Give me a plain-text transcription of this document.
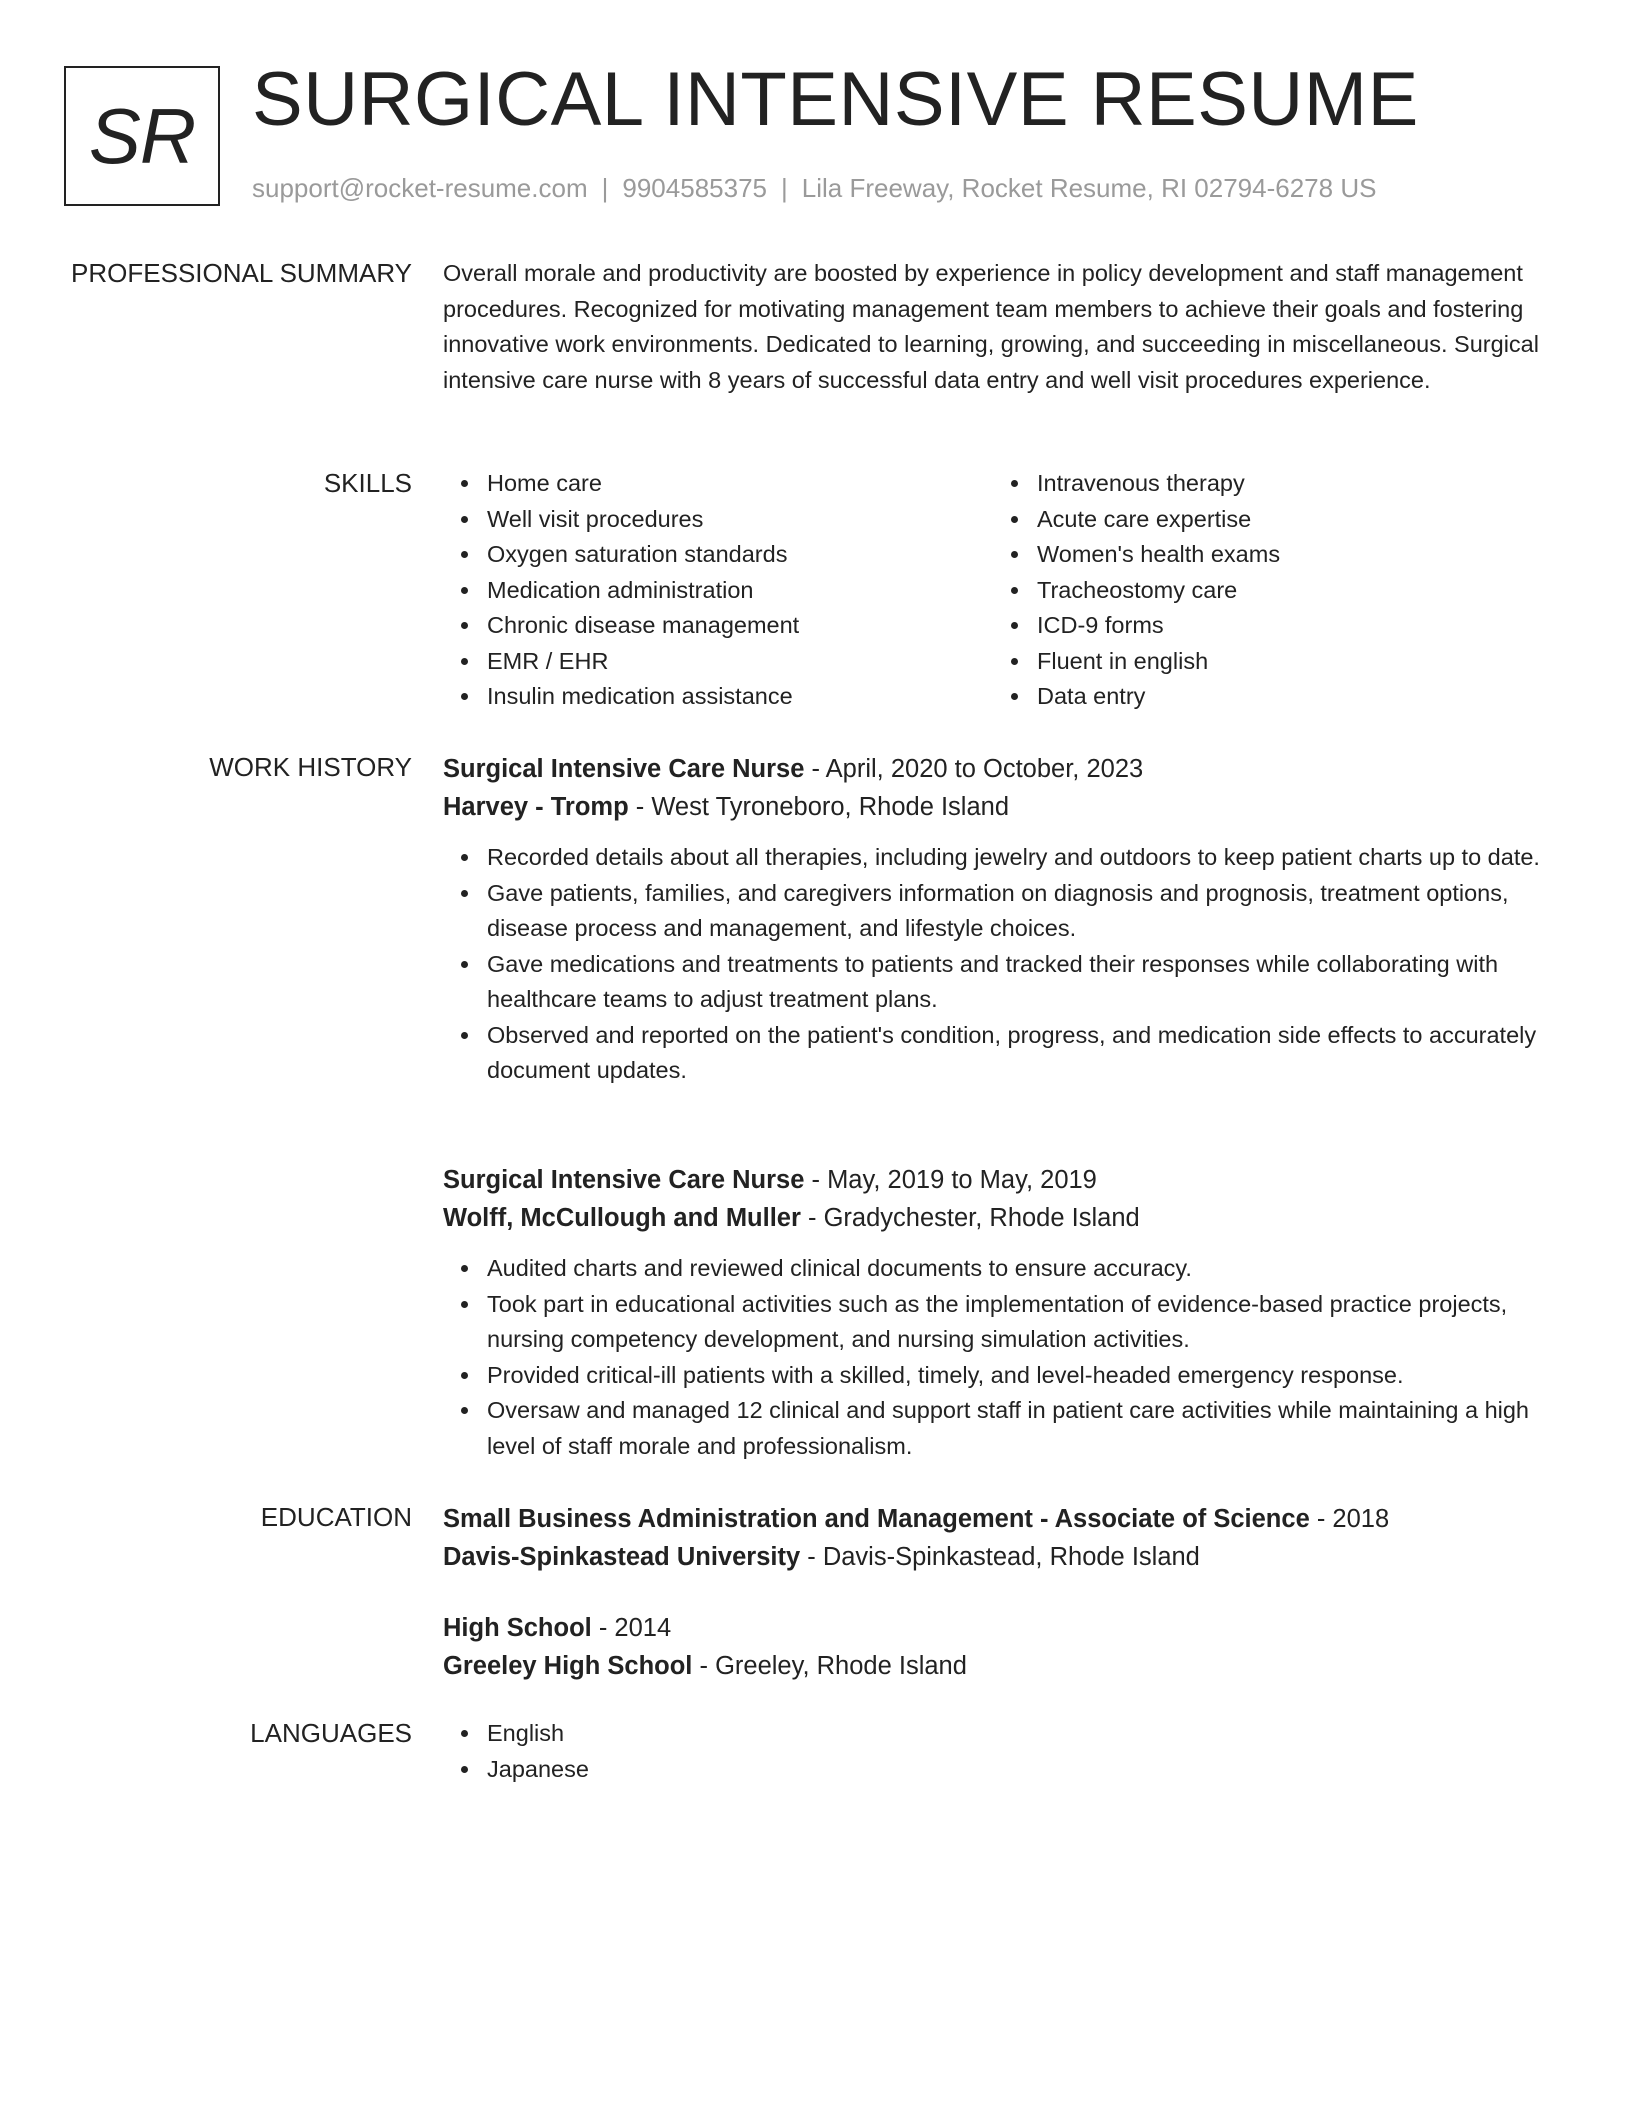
SR SURGICAL INTENSIVE RESUME
support@rocket-resume.com | 9904585375 | Lila Freeway, Rocket Resume, RI 02794-6278 US
PROFESSIONAL SUMMARY Overall morale and productivity are boosted by experience in policy development and staff management procedures. Recognized for motivating management team members to achieve their goals and fostering innovative work environments. Dedicated to learning, growing, and succeeding in miscellaneous. Surgical intensive care nurse with 8 years of successful data entry and well visit procedures experience.

SKILLS	Home care
Well visit procedures
Oxygen saturation standards
Medication administration
Chronic disease management
EMR / EHR
Insulin medication assistance
Intravenous therapy
Acute care expertise
Women's health exams
Tracheostomy care
ICD-9 forms
Fluent in english
Data entry
WORK HISTORY Surgical Intensive Care Nurse - April, 2020 to October, 2023
Harvey - Tromp - West Tyroneboro, Rhode Island
Recorded details about all therapies, including jewelry and outdoors to keep patient charts up to date.
Gave patients, families, and caregivers information on diagnosis and prognosis, treatment options, disease process and management, and lifestyle choices.
Gave medications and treatments to patients and tracked their responses while collaborating with healthcare teams to adjust treatment plans.
Observed and reported on the patient's condition, progress, and medication side effects to accurately document updates.
Surgical Intensive Care Nurse - May, 2019 to May, 2019
Wolff, McCullough and Muller - Gradychester, Rhode Island
Audited charts and reviewed clinical documents to ensure accuracy.
Took part in educational activities such as the implementation of evidence-based practice projects, nursing competency development, and nursing simulation activities.
Provided critical-ill patients with a skilled, timely, and level-headed emergency response.
Oversaw and managed 12 clinical and support staff in patient care activities while maintaining a high level of staff morale and professionalism.
EDUCATION Small Business Administration and Management - Associate of Science - 2018
Davis-Spinkastead University - Davis-Spinkastead, Rhode Island
High School - 2014
Greeley High School - Greeley, Rhode Island
LANGUAGES	English
Japanese
